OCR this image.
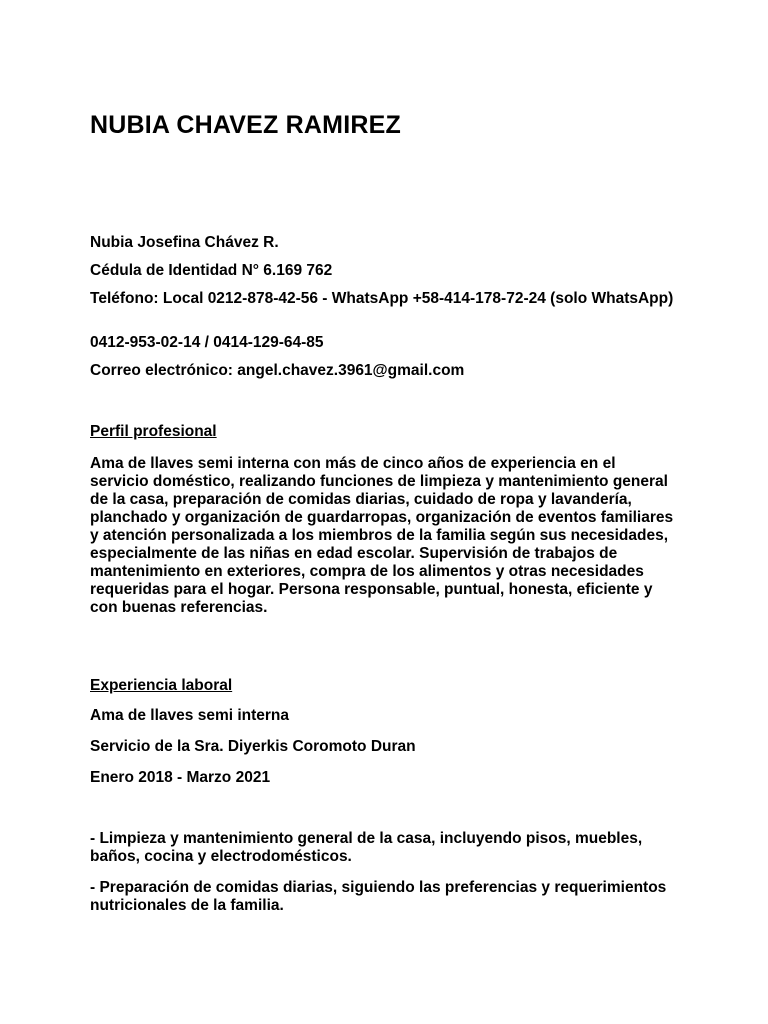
NUBIA CHAVEZ RAMIREZ

Nubia Josefina Chávez R.

Cédula de Identidad N° 6.169 762

Teléfono: Local 0212-878-42-56 - WhatsApp +58-414-178-72-24 (solo WhatsApp)

0412-953-02-14 / 0414-129-64-85

Correo electrónico: angel.chavez.3961@gmail.com

Perfil profesional

Ama de llaves semi interna con más de cinco años de experiencia en el servicio doméstico, realizando funciones de limpieza y mantenimiento general de la casa, preparación de comidas diarias, cuidado de ropa y lavandería, planchado y organización de guardarropas, organización de eventos familiares y atención personalizada a los miembros de la familia según sus necesidades, especialmente de las niñas en edad escolar. Supervisión de trabajos de mantenimiento en exteriores, compra de los alimentos y otras necesidades requeridas para el hogar. Persona responsable, puntual, honesta, eficiente y con buenas referencias.

Experiencia laboral

Ama de llaves semi interna

Servicio de la Sra. Diyerkis Coromoto Duran

Enero 2018 - Marzo 2021

- Limpieza y mantenimiento general de la casa, incluyendo pisos, muebles, baños, cocina y electrodomésticos.

- Preparación de comidas diarias, siguiendo las preferencias y requerimientos nutricionales de la familia.
